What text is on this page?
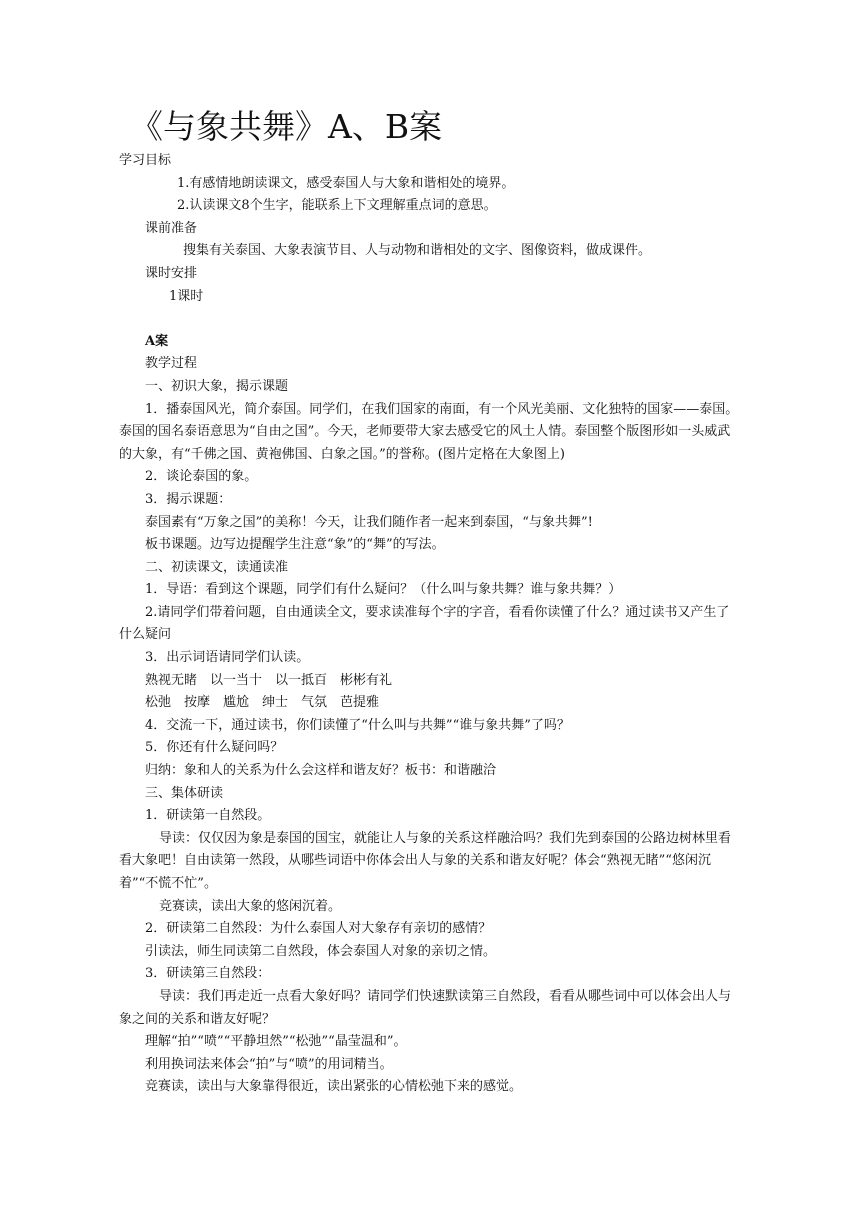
《与象共舞》A、B案

学习目标

1.有感情地朗读课文，感受泰国人与大象和谐相处的境界。

2.认读课文8个生字，能联系上下文理解重点词的意思。

课前准备

搜集有关泰国、大象表演节目、人与动物和谐相处的文字、图像资料，做成课件。

课时安排

1课时

A案

教学过程

一、初识大象，揭示课题

1．播泰国风光，简介泰国。同学们，在我们国家的南面，有一个风光美丽、文化独特的国家——泰国。泰国的国名泰语意思为“自由之国”。今天，老师要带大家去感受它的风土人情。泰国整个版图形如一头威武的大象，有“千佛之国、黄袍佛国、白象之国。”的誉称。(图片定格在大象图上)

2．谈论泰国的象。

3．揭示课题：

泰国素有“万象之国”的美称！今天，让我们随作者一起来到泰国，“与象共舞”!

板书课题。边写边提醒学生注意“象”的“舞”的写法。

二、初读课文，读通读准

1．导语：看到这个课题，同学们有什么疑问？（什么叫与象共舞？谁与象共舞？）

2.请同学们带着问题，自由通读全文，要求读准每个字的字音，看看你读懂了什么？通过读书又产生了什么疑问

3．出示词语请同学们认读。

熟视无睹　以一当十　以一抵百　彬彬有礼

松弛　按摩　尴尬　绅士　气氛　芭提雅

4．交流一下，通过读书，你们读懂了“什么叫与共舞”“谁与象共舞”了吗？

5．你还有什么疑问吗？

归纳：象和人的关系为什么会这样和谐友好？板书：和谐融洽

三、集体研读

1．研读第一自然段。

导读：仅仅因为象是泰国的国宝，就能让人与象的关系这样融洽吗？我们先到泰国的公路边树林里看看大象吧！自由读第一然段，从哪些词语中你体会出人与象的关系和谐友好呢？体会“熟视无睹”“悠闲沉着”“不慌不忙”。

竞赛读，读出大象的悠闲沉着。

2．研读第二自然段：为什么泰国人对大象存有亲切的感情？

引读法，师生同读第二自然段，体会泰国人对象的亲切之情。

3．研读第三自然段：

导读：我们再走近一点看大象好吗？请同学们快速默读第三自然段，看看从哪些词中可以体会出人与象之间的关系和谐友好呢？

理解“拍”“喷”“平静坦然”“松弛”“晶莹温和”。

利用换词法来体会“拍”与“喷”的用词精当。

竞赛读，读出与大象靠得很近，读出紧张的心情松弛下来的感觉。
